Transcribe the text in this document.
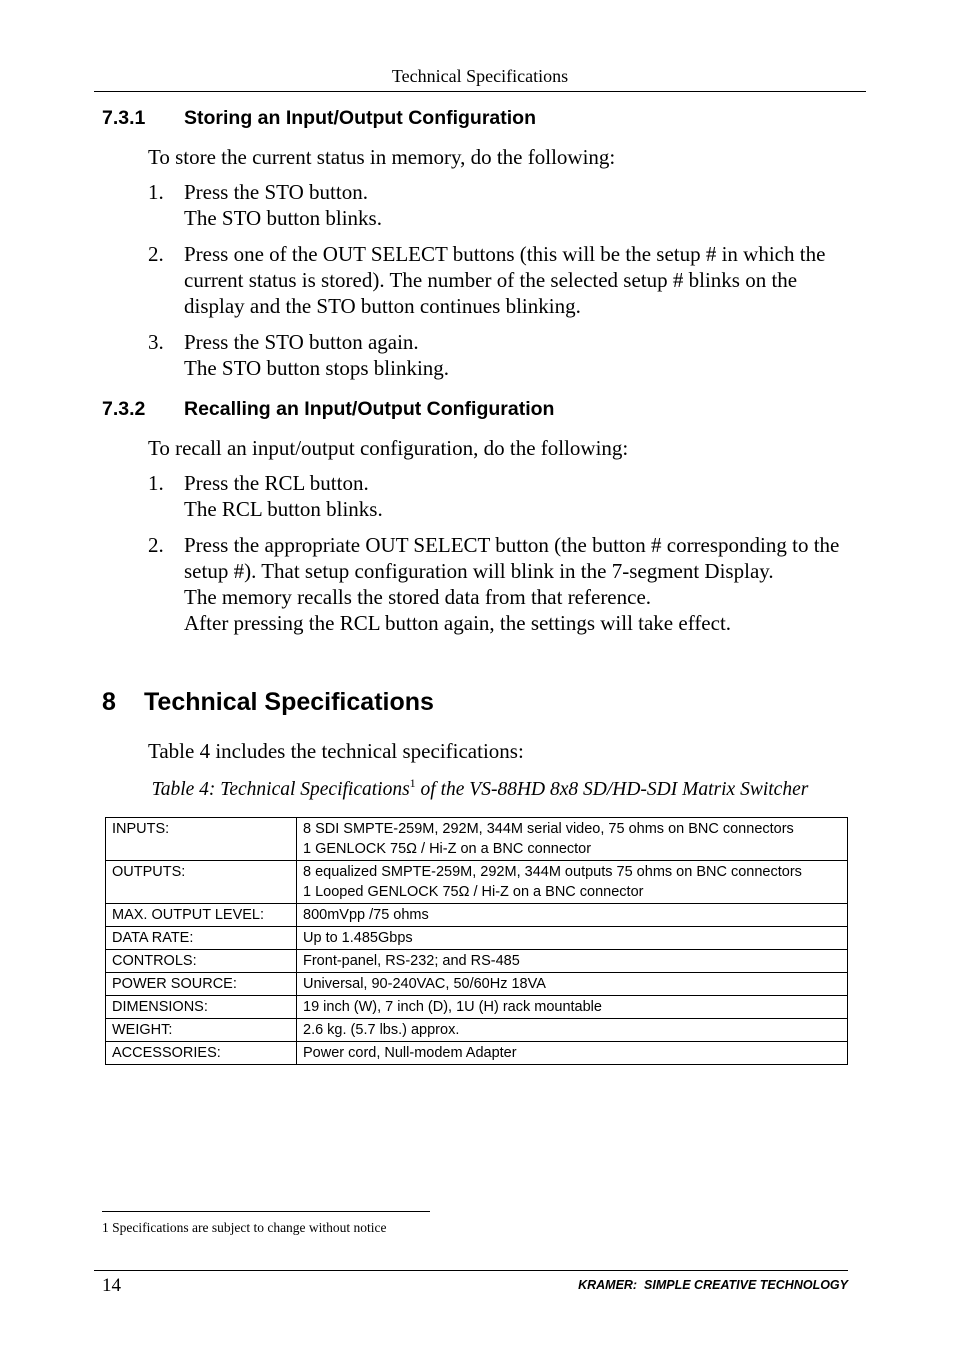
Technical Specifications
7.3.1 Storing an Input/Output Configuration
To store the current status in memory, do the following:
1. Press the STO button.
The STO button blinks.
2. Press one of the OUT SELECT buttons (this will be the setup # in which the current status is stored). The number of the selected setup # blinks on the display and the STO button continues blinking.
3. Press the STO button again.
The STO button stops blinking.
7.3.2 Recalling an Input/Output Configuration
To recall an input/output configuration, do the following:
1. Press the RCL button.
The RCL button blinks.
2. Press the appropriate OUT SELECT button (the button # corresponding to the setup #). That setup configuration will blink in the 7-segment Display.
The memory recalls the stored data from that reference.
After pressing the RCL button again, the settings will take effect.
8 Technical Specifications
Table 4 includes the technical specifications:
Table 4: Technical Specifications$^1$ of the VS-88HD 8x8 SD/HD-SDI Matrix Switcher
INPUTS:	8 SDI SMPTE-259M, 292M, 344M serial video, 75 ohms on BNC connectors
1 GENLOCK 75Ω / Hi-Z on a BNC connector

OUTPUTS:	8 equalized SMPTE-259M, 292M, 344M outputs 75 ohms on BNC connectors
1 Looped GENLOCK 75Ω / Hi-Z on a BNC connector

MAX. OUTPUT LEVEL:	800mVpp /75 ohms
DATA RATE:	Up to 1.485Gbps
CONTROLS:	Front-panel, RS-232; and RS-485
POWER SOURCE:	Universal, 90-240VAC, 50/60Hz 18VA
DIMENSIONS:	19 inch (W), 7 inch (D), 1U (H) rack mountable
WEIGHT:	2.6 kg. (5.7 lbs.) approx.
ACCESSORIES:	Power cord, Null-modem Adapter
1 Specifications are subject to change without notice
14	KRAMER:  SIMPLE CREATIVE TECHNOLOGY
